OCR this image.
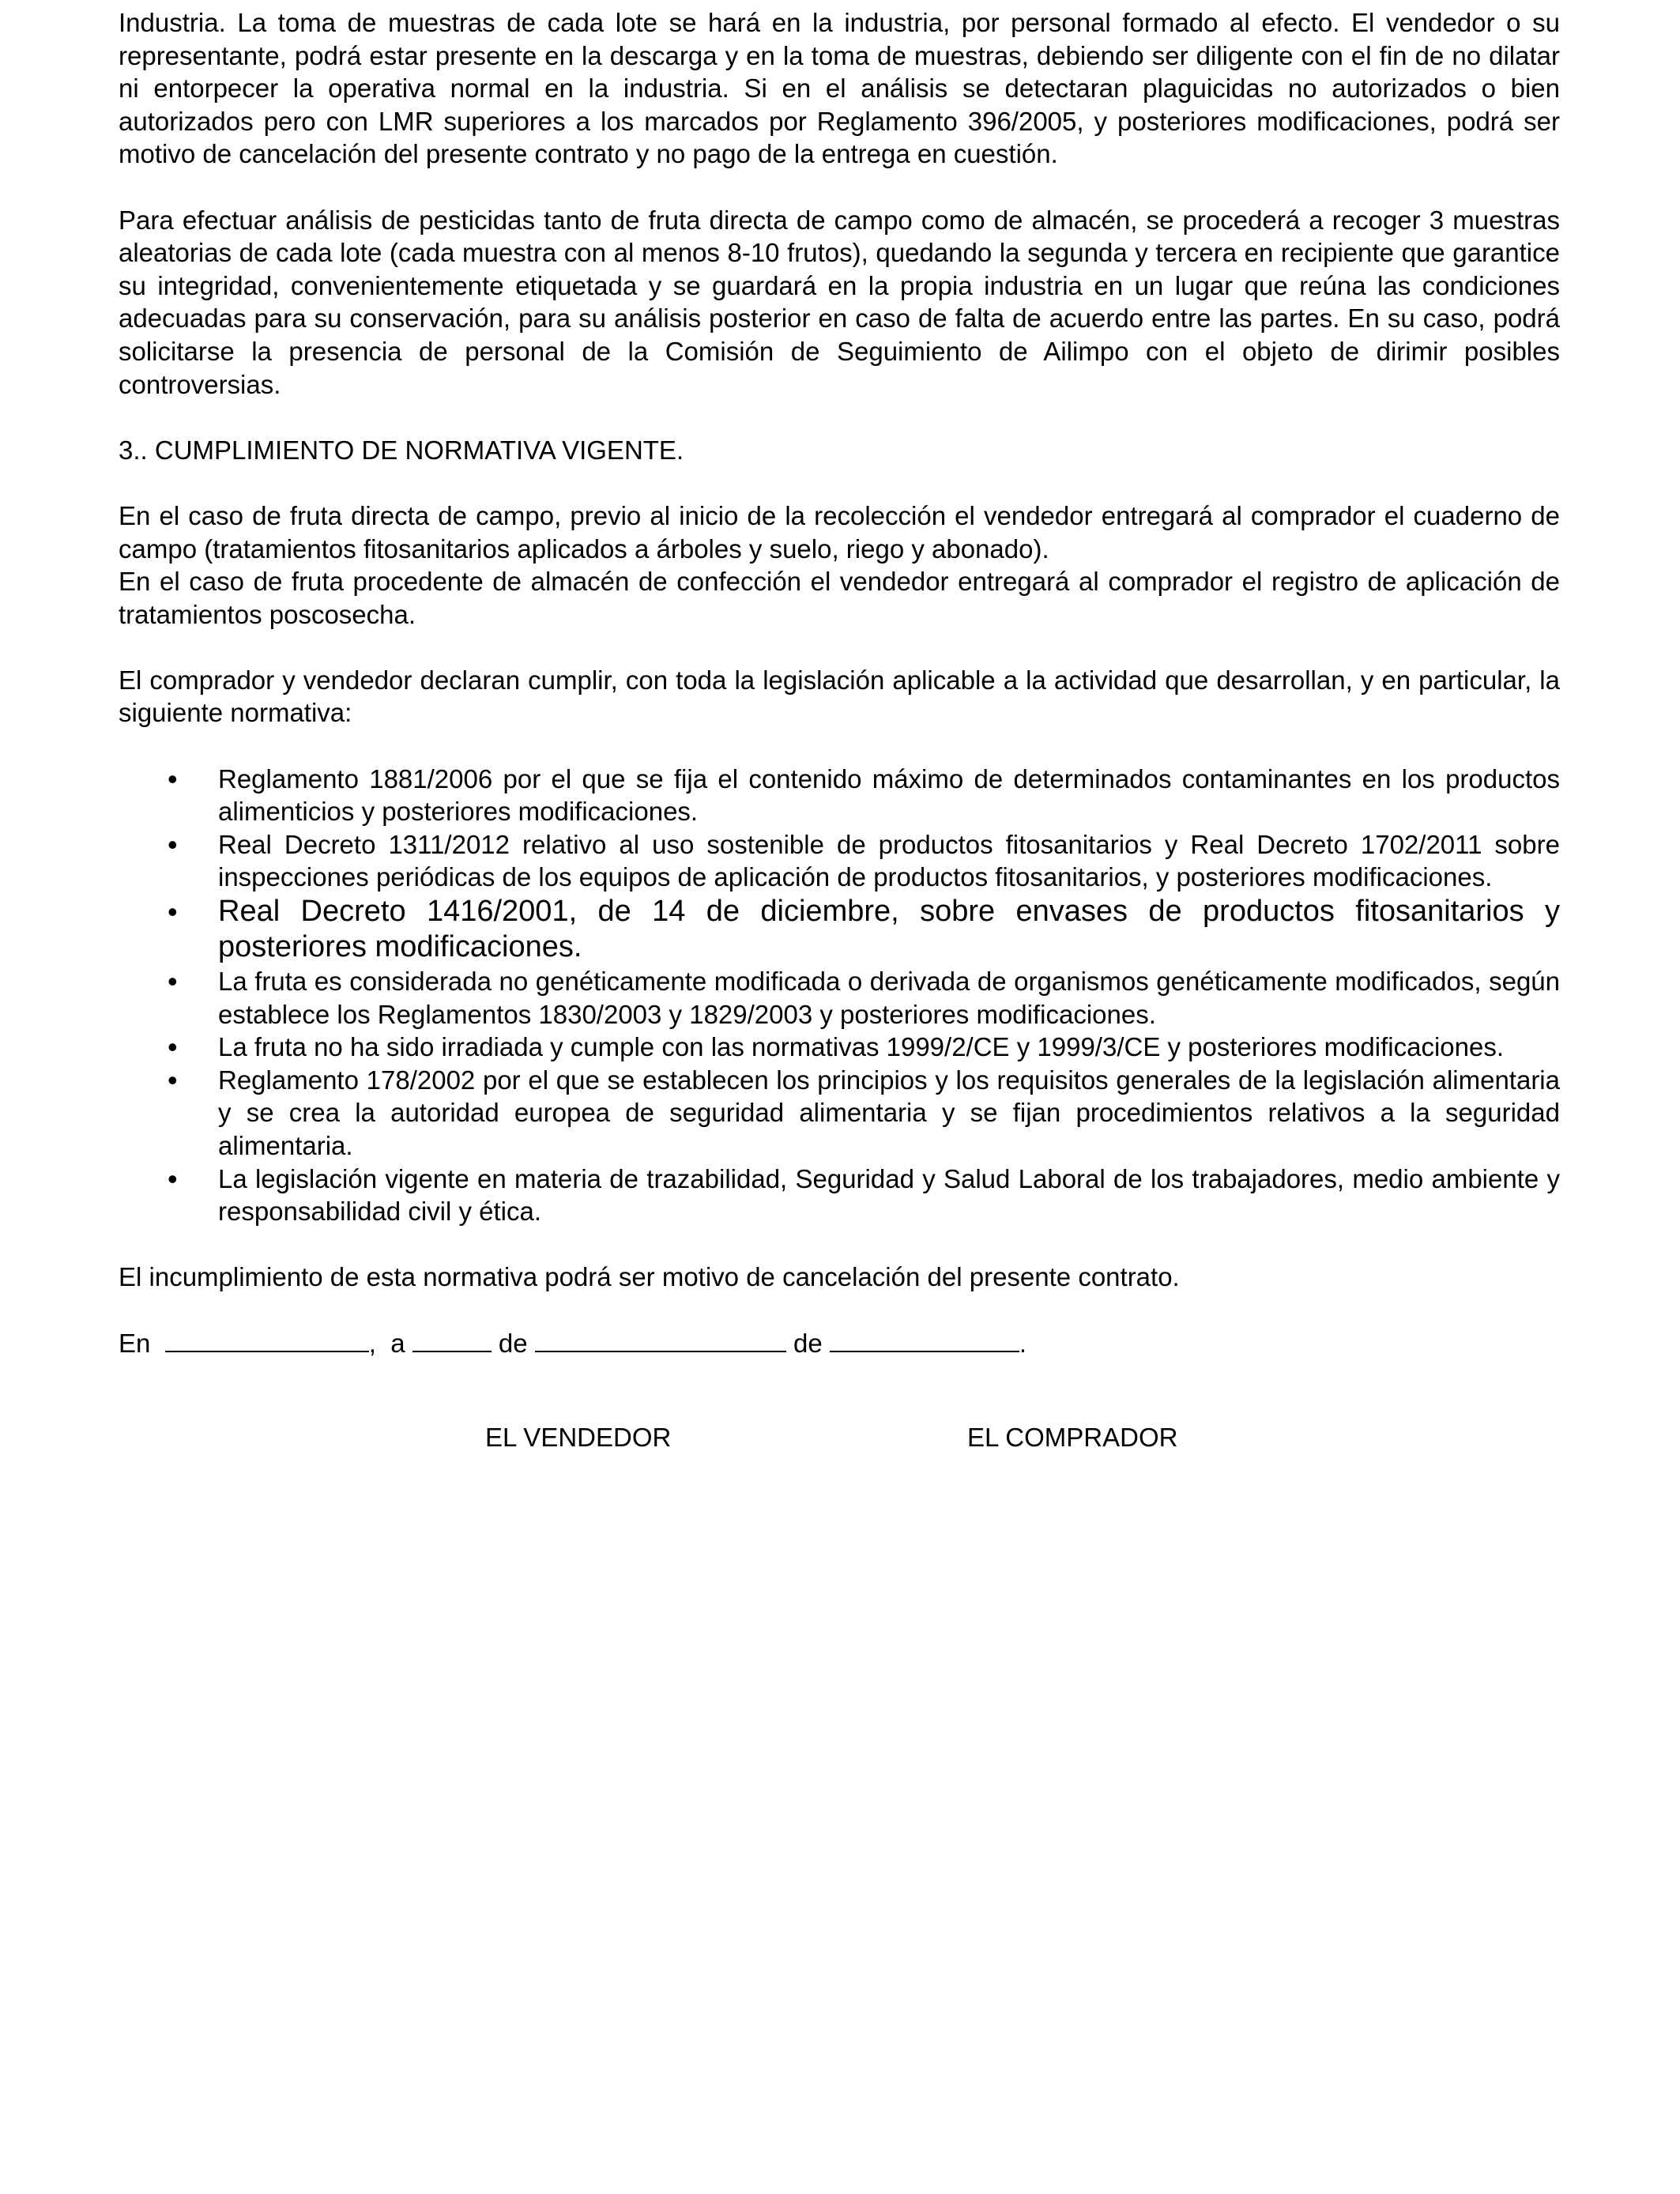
Industria. La toma de muestras de cada lote se hará en la industria, por personal formado al efecto. El vendedor o su representante, podrá estar presente en la descarga y en la toma de muestras, debiendo ser diligente con el fin de no dilatar ni entorpecer la operativa normal en la industria. Si en el análisis se detectaran plaguicidas no autorizados o bien autorizados pero con LMR superiores a los marcados por Reglamento 396/2005, y posteriores modificaciones, podrá ser motivo de cancelación del presente contrato y no pago de la entrega en cuestión.

Para efectuar análisis de pesticidas tanto de fruta directa de campo como de almacén, se procederá a recoger 3 muestras aleatorias de cada lote (cada muestra con al menos 8-10 frutos), quedando la segunda y tercera en recipiente que garantice su integridad, convenientemente etiquetada y se guardará en la propia industria en un lugar que reúna las condiciones adecuadas para su conservación, para su análisis posterior en caso de falta de acuerdo entre las partes. En su caso, podrá solicitarse la presencia de personal de la Comisión de Seguimiento de Ailimpo con el objeto de dirimir posibles controversias.

3.. CUMPLIMIENTO DE NORMATIVA VIGENTE.

En el caso de fruta directa de campo, previo al inicio de la recolección el vendedor entregará al comprador el cuaderno de campo (tratamientos fitosanitarios aplicados a árboles y suelo, riego y abonado).

En el caso de fruta procedente de almacén de confección el vendedor entregará al comprador el registro de aplicación de tratamientos poscosecha.

El comprador y vendedor declaran cumplir, con toda la legislación aplicable a la actividad que desarrollan, y en particular, la siguiente normativa:

• Reglamento 1881/2006 por el que se fija el contenido máximo de determinados contaminantes en los productos alimenticios y posteriores modificaciones.
• Real Decreto 1311/2012 relativo al uso sostenible de productos fitosanitarios y Real Decreto 1702/2011 sobre inspecciones periódicas de los equipos de aplicación de productos fitosanitarios, y posteriores modificaciones.
• Real Decreto 1416/2001, de 14 de diciembre, sobre envases de productos fitosanitarios y posteriores modificaciones.
• La fruta es considerada no genéticamente modificada o derivada de organismos genéticamente modificados, según establece los Reglamentos 1830/2003 y 1829/2003 y posteriores modificaciones.
• La fruta no ha sido irradiada y cumple con las normativas 1999/2/CE y 1999/3/CE y posteriores modificaciones.
• Reglamento 178/2002 por el que se establecen los principios y los requisitos generales de la legislación alimentaria y se crea la autoridad europea de seguridad alimentaria y se fijan procedimientos relativos a la seguridad alimentaria.
• La legislación vigente en materia de trazabilidad, Seguridad y Salud Laboral de los trabajadores, medio ambiente y responsabilidad civil y ética.

El incumplimiento de esta normativa podrá ser motivo de cancelación del presente contrato.

En	,  a	de	de	.
EL VENDEDOR	EL COMPRADOR
